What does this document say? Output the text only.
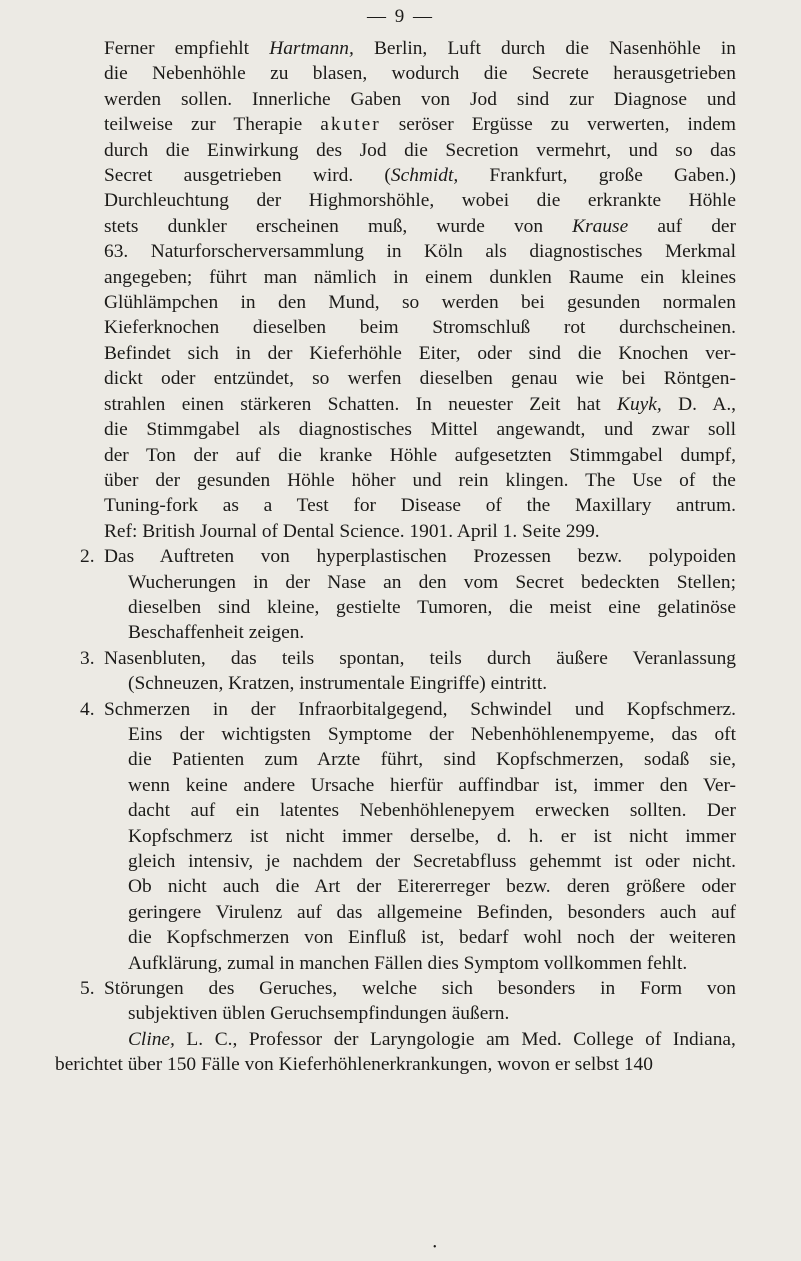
— 9 —
Ferner empfiehlt Hartmann, Berlin, Luft durch die Nasenhöhle in
die Nebenhöhle zu blasen, wodurch die Secrete herausgetrieben
werden sollen. Innerliche Gaben von Jod sind zur Diagnose und
teilweise zur Therapie akuter seröser Ergüsse zu verwerten, indem
durch die Einwirkung des Jod die Secretion vermehrt, und so das
Secret ausgetrieben wird. (Schmidt, Frankfurt, große Gaben.)
Durchleuchtung der Highmorshöhle, wobei die erkrankte Höhle
stets dunkler erscheinen muß, wurde von Krause auf der
63. Naturforscherversammlung in Köln als diagnostisches Merkmal
angegeben; führt man nämlich in einem dunklen Raume ein kleines
Glühlämpchen in den Mund, so werden bei gesunden normalen
Kieferknochen dieselben beim Stromschluß rot durchscheinen.
Befindet sich in der Kieferhöhle Eiter, oder sind die Knochen ver-
dickt oder entzündet, so werfen dieselben genau wie bei Röntgen-
strahlen einen stärkeren Schatten. In neuester Zeit hat Kuyk, D. A.,
die Stimmgabel als diagnostisches Mittel angewandt, und zwar soll
der Ton der auf die kranke Höhle aufgesetzten Stimmgabel dumpf,
über der gesunden Höhle höher und rein klingen. The Use of the
Tuning-fork as a Test for Disease of the Maxillary antrum.
Ref: British Journal of Dental Science. 1901. April 1. Seite 299.
2. Das Auftreten von hyperplastischen Prozessen bezw. polypoiden
Wucherungen in der Nase an den vom Secret bedeckten Stellen;
dieselben sind kleine, gestielte Tumoren, die meist eine gelatinöse
Beschaffenheit zeigen.
3. Nasenbluten, das teils spontan, teils durch äußere Veranlassung
(Schneuzen, Kratzen, instrumentale Eingriffe) eintritt.
4. Schmerzen in der Infraorbitalgegend, Schwindel und Kopfschmerz.
Eins der wichtigsten Symptome der Nebenhöhlenempyeme, das oft
die Patienten zum Arzte führt, sind Kopfschmerzen, sodaß sie,
wenn keine andere Ursache hierfür auffindbar ist, immer den Ver-
dacht auf ein latentes Nebenhöhlenepyem erwecken sollten. Der
Kopfschmerz ist nicht immer derselbe, d. h. er ist nicht immer
gleich intensiv, je nachdem der Secretabfluss gehemmt ist oder nicht.
Ob nicht auch die Art der Eitererreger bezw. deren größere oder
geringere Virulenz auf das allgemeine Befinden, besonders auch auf
die Kopfschmerzen von Einfluß ist, bedarf wohl noch der weiteren
Aufklärung, zumal in manchen Fällen dies Symptom vollkommen fehlt.
5. Störungen des Geruches, welche sich besonders in Form von
subjektiven üblen Geruchsempfindungen äußern.
Cline, L. C., Professor der Laryngologie am Med. College of Indiana,
berichtet über 150 Fälle von Kieferhöhlenerkrankungen, wovon er selbst 140
•
